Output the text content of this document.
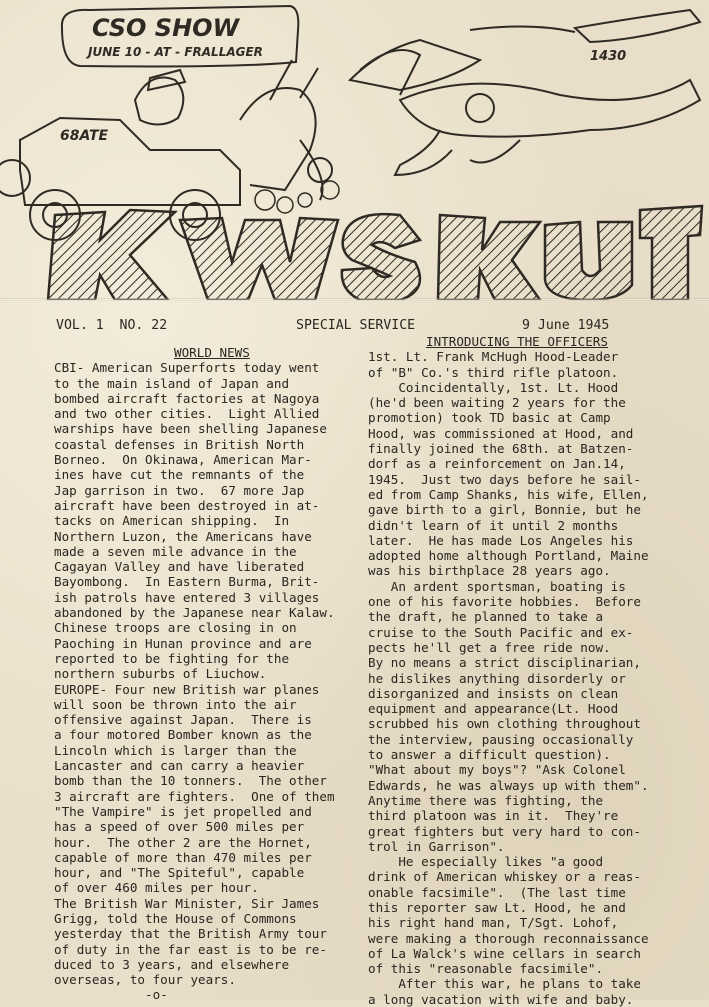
CSO SHOW
JUNE 10 - AT - FRALLAGER
68ATE
1430
KWS KRUT

VOL. 1  NO. 22

	SPECIAL SERVICE

	9 June 1945

WORLD NEWS
CBI- American Superforts today went
to the main island of Japan and
bombed aircraft factories at Nagoya
and two other cities.  Light Allied
warships have been shelling Japanese
coastal defenses in British North
Borneo.  On Okinawa, American Mar-
ines have cut the remnants of the
Jap garrison in two.  67 more Jap
aircraft have been destroyed in at-
tacks on American shipping.  In
Northern Luzon, the Americans have
made a seven mile advance in the
Cagayan Valley and have liberated
Bayombong.  In Eastern Burma, Brit-
ish patrols have entered 3 villages
abandoned by the Japanese near Kalaw.
Chinese troops are closing in on
Paoching in Hunan province and are
reported to be fighting for the
northern suburbs of Liuchow.
EUROPE- Four new British war planes
will soon be thrown into the air
offensive against Japan.  There is
a four motored Bomber known as the
Lincoln which is larger than the
Lancaster and can carry a heavier
bomb than the 10 tonners.  The other
3 aircraft are fighters.  One of them
"The Vampire" is jet propelled and
has a speed of over 500 miles per
hour.  The other 2 are the Hornet,
capable of more than 470 miles per
hour, and "The Spiteful", capable
of over 460 miles per hour.
The British War Minister, Sir James
Grigg, told the House of Commons
yesterday that the British Army tour
of duty in the far east is to be re-
duced to 3 years, and elsewhere
overseas, to four years.
-o-
INTRODUCING THE OFFICERS
1st. Lt. Frank McHugh Hood-Leader
of "B" Co.'s third rifle platoon.
Coincidentally, 1st. Lt. Hood
(he'd been waiting 2 years for the
promotion) took TD basic at Camp
Hood, was commissioned at Hood, and
finally joined the 68th. at Batzen-
dorf as a reinforcement on Jan.14,
1945.  Just two days before he sail-
ed from Camp Shanks, his wife, Ellen,
gave birth to a girl, Bonnie, but he
didn't learn of it until 2 months
later.  He has made Los Angeles his
adopted home although Portland, Maine
was his birthplace 28 years ago.
An ardent sportsman, boating is
one of his favorite hobbies.  Before
the draft, he planned to take a
cruise to the South Pacific and ex-
pects he'll get a free ride now.
By no means a strict disciplinarian,
he dislikes anything disorderly or
disorganized and insists on clean
equipment and appearance(Lt. Hood
scrubbed his own clothing throughout
the interview, pausing occasionally
to answer a difficult question).
"What about my boys"? "Ask Colonel
Edwards, he was always up with them".
Anytime there was fighting, the
third platoon was in it.  They're
great fighters but very hard to con-
trol in Garrison".
He especially likes "a good
drink of American whiskey or a reas-
onable facsimile".  (The last time
this reporter saw Lt. Hood, he and
his right hand man, T/Sgt. Lohof,
were making a thorough reconnaissance
of La Walck's wine cellars in search
of this "reasonable facsimile".
After this war, he plans to take
a long vacation with wife and baby.
